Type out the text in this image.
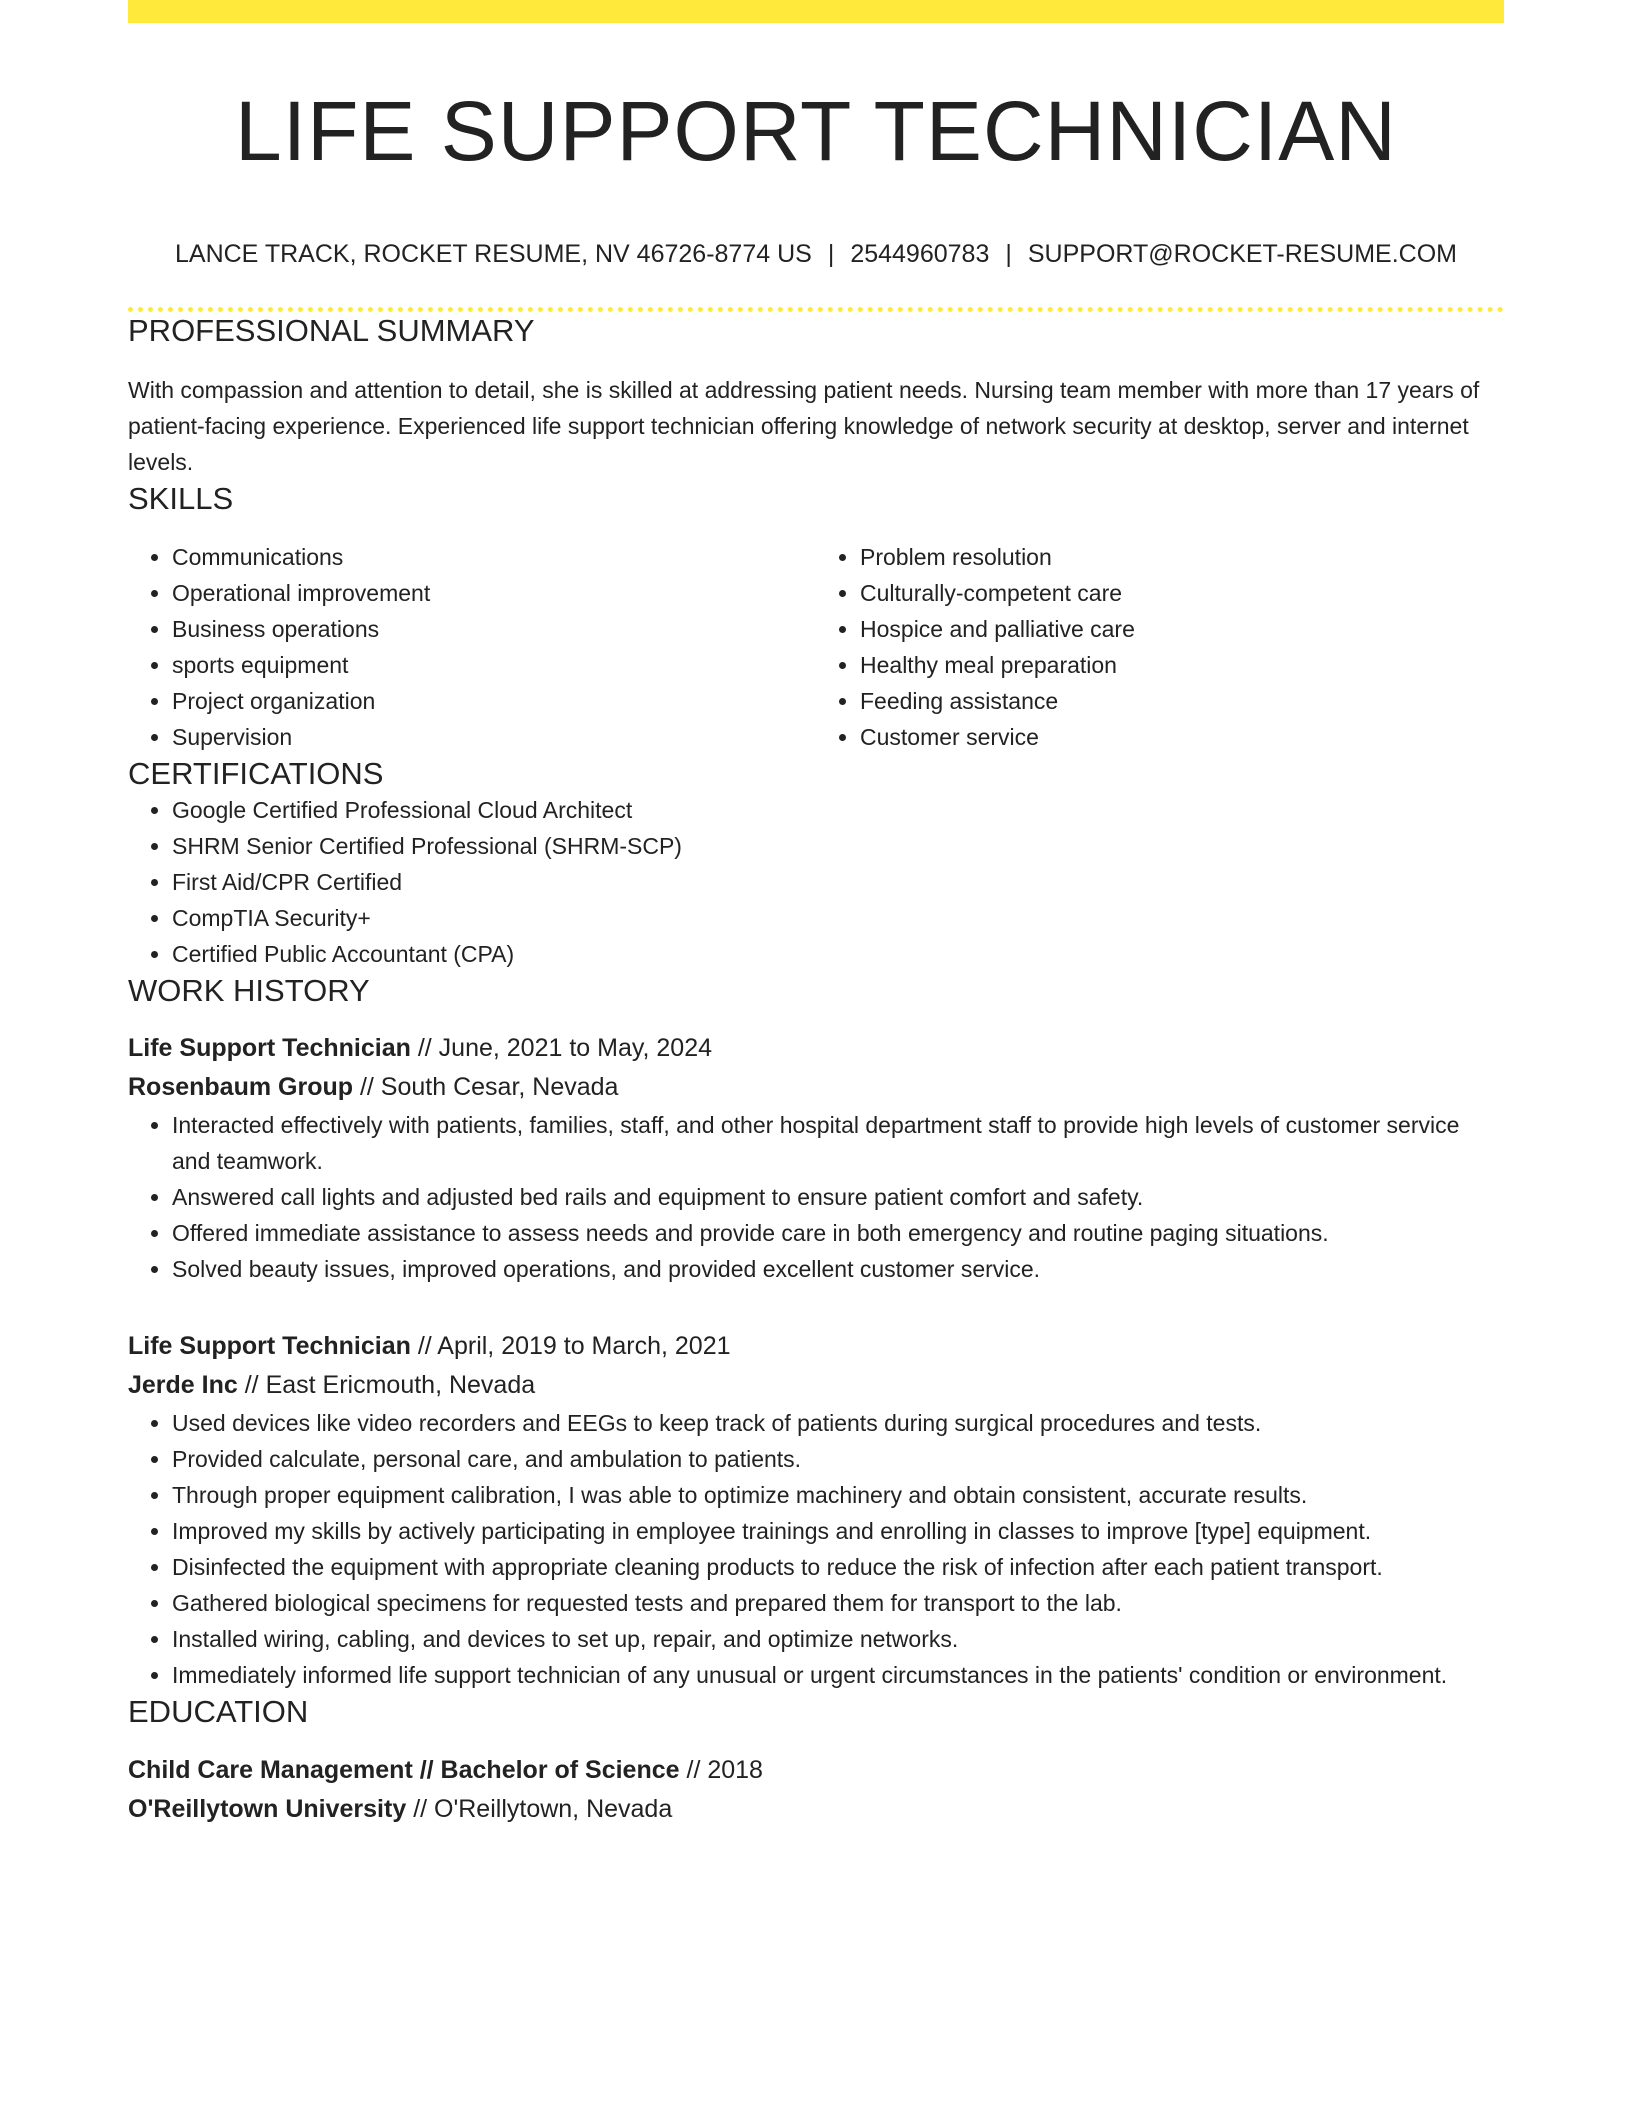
LIFE SUPPORT TECHNICIAN
LANCE TRACK, ROCKET RESUME, NV 46726-8774 US | 2544960783 | SUPPORT@ROCKET-RESUME.COM
PROFESSIONAL SUMMARY
With compassion and attention to detail, she is skilled at addressing patient needs. Nursing team member with more than 17 years of patient-facing experience. Experienced life support technician offering knowledge of network security at desktop, server and internet levels.
SKILLS
• Communications
• Operational improvement
• Business operations
• sports equipment
• Project organization
• Supervision
• Problem resolution
• Culturally-competent care
• Hospice and palliative care
• Healthy meal preparation
• Feeding assistance
• Customer service
CERTIFICATIONS
• Google Certified Professional Cloud Architect
• SHRM Senior Certified Professional (SHRM-SCP)
• First Aid/CPR Certified
• CompTIA Security+
• Certified Public Accountant (CPA)
WORK HISTORY
Life Support Technician // June, 2021 to May, 2024
Rosenbaum Group // South Cesar, Nevada
• Interacted effectively with patients, families, staff, and other hospital department staff to provide high levels of customer service and teamwork.
• Answered call lights and adjusted bed rails and equipment to ensure patient comfort and safety.
• Offered immediate assistance to assess needs and provide care in both emergency and routine paging situations.
• Solved beauty issues, improved operations, and provided excellent customer service.
Life Support Technician // April, 2019 to March, 2021
Jerde Inc // East Ericmouth, Nevada
• Used devices like video recorders and EEGs to keep track of patients during surgical procedures and tests.
• Provided calculate, personal care, and ambulation to patients.
• Through proper equipment calibration, I was able to optimize machinery and obtain consistent, accurate results.
• Improved my skills by actively participating in employee trainings and enrolling in classes to improve [type] equipment.
• Disinfected the equipment with appropriate cleaning products to reduce the risk of infection after each patient transport.
• Gathered biological specimens for requested tests and prepared them for transport to the lab.
• Installed wiring, cabling, and devices to set up, repair, and optimize networks.
• Immediately informed life support technician of any unusual or urgent circumstances in the patients' condition or environment.
EDUCATION
Child Care Management // Bachelor of Science // 2018
O'Reillytown University // O'Reillytown, Nevada
